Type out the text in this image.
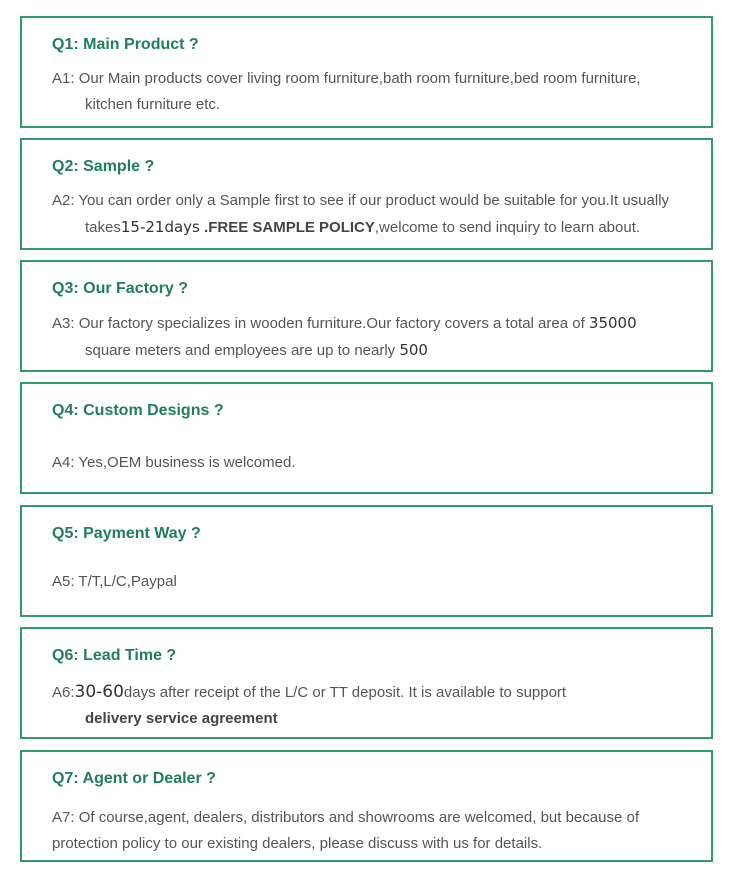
Q1: Main Product ?
A1: Our Main products cover living room furniture,bath room furniture,bed room furniture,
kitchen furniture etc.
Q2: Sample ?
A2: You can order only a Sample first to see if our product would be suitable for you.It usually
takes15-21days .FREE SAMPLE POLICY,welcome to send inquiry to learn about.
Q3: Our Factory ?
A3: Our factory specializes in wooden furniture.Our factory covers a total area of 35000
square meters and employees are up to nearly 500
Q4: Custom Designs ?
A4: Yes,OEM business is welcomed.
Q5: Payment Way ?
A5: T/T,L/C,Paypal
Q6: Lead Time ?
A6:30-60days after receipt of the L/C or TT deposit. It is available to support
delivery service agreement
Q7: Agent or Dealer ?
A7: Of course,agent, dealers, distributors and showrooms are welcomed, but because of
protection policy to our existing dealers, please discuss with us for details.
